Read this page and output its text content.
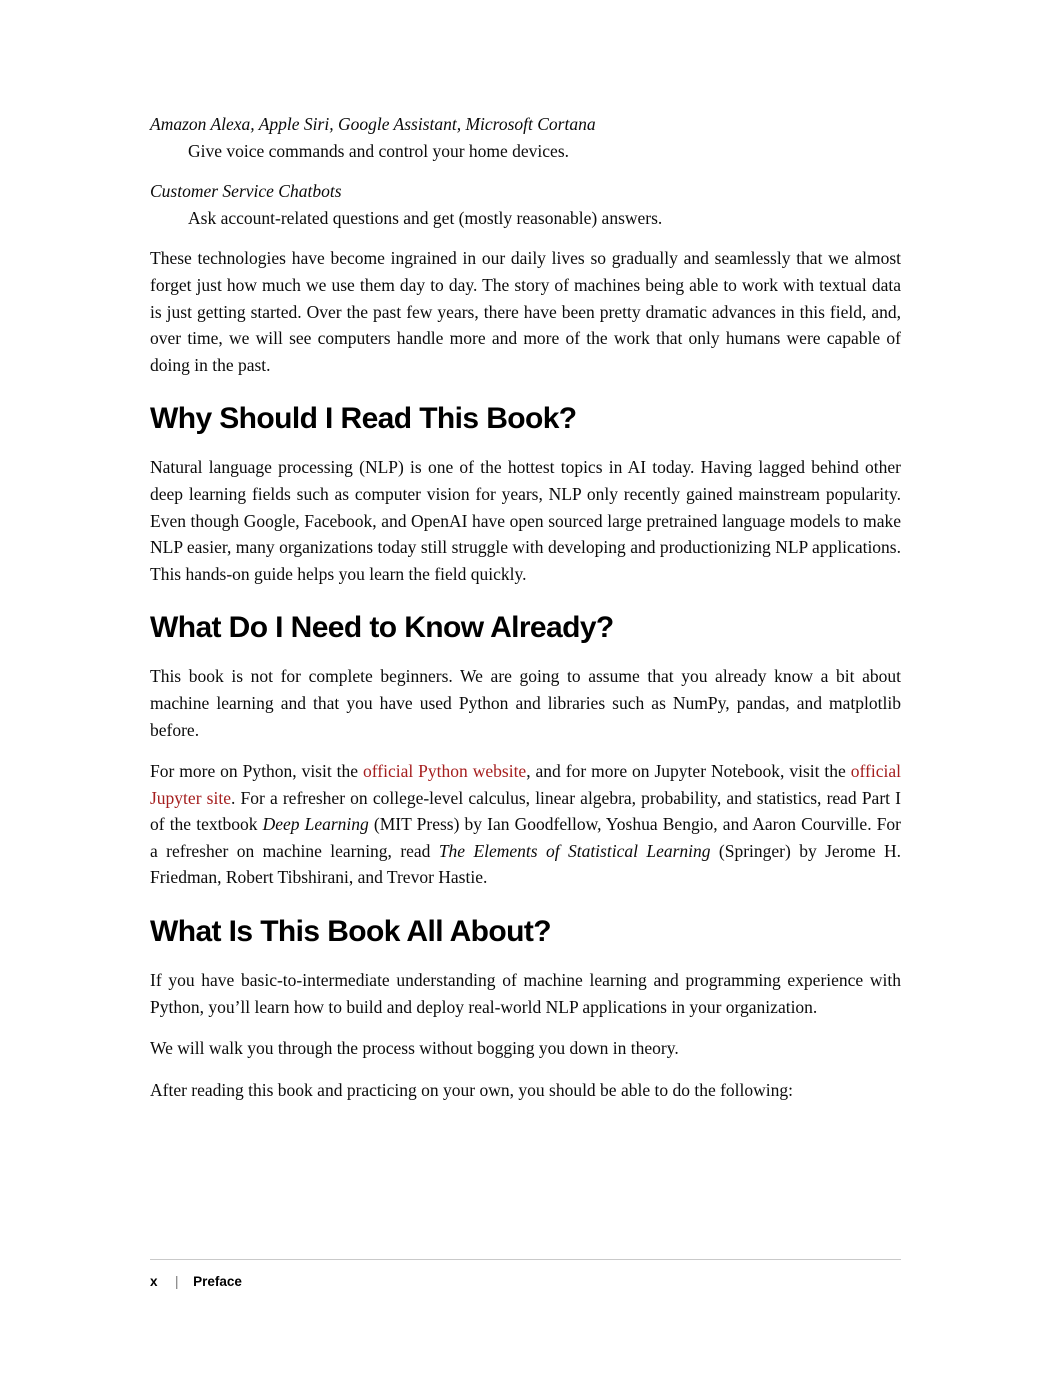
Amazon Alexa, Apple Siri, Google Assistant, Microsoft Cortana
Give voice commands and control your home devices.
Customer Service Chatbots
Ask account-related questions and get (mostly reasonable) answers.

These technologies have become ingrained in our daily lives so gradually and seamlessly that we almost forget just how much we use them day to day. The story of machines being able to work with textual data is just getting started. Over the past few years, there have been pretty dramatic advances in this field, and, over time, we will see computers handle more and more of the work that only humans were capable of doing in the past.

Why Should I Read This Book?

Natural language processing (NLP) is one of the hottest topics in AI today. Having lagged behind other deep learning fields such as computer vision for years, NLP only recently gained mainstream popularity. Even though Google, Facebook, and OpenAI have open sourced large pretrained language models to make NLP easier, many organizations today still struggle with developing and productionizing NLP applications. This hands-on guide helps you learn the field quickly.

What Do I Need to Know Already?

This book is not for complete beginners. We are going to assume that you already know a bit about machine learning and that you have used Python and libraries such as NumPy, pandas, and matplotlib before.

For more on Python, visit the official Python website, and for more on Jupyter Notebook, visit the official Jupyter site. For a refresher on college-level calculus, linear algebra, probability, and statistics, read Part I of the textbook Deep Learning (MIT Press) by Ian Goodfellow, Yoshua Bengio, and Aaron Courville. For a refresher on machine learning, read The Elements of Statistical Learning (Springer) by Jerome H. Friedman, Robert Tibshirani, and Trevor Hastie.

What Is This Book All About?

If you have basic-to-intermediate understanding of machine learning and programming experience with Python, you’ll learn how to build and deploy real-world NLP applications in your organization.

We will walk you through the process without bogging you down in theory.

After reading this book and practicing on your own, you should be able to do the following:

x | Preface
